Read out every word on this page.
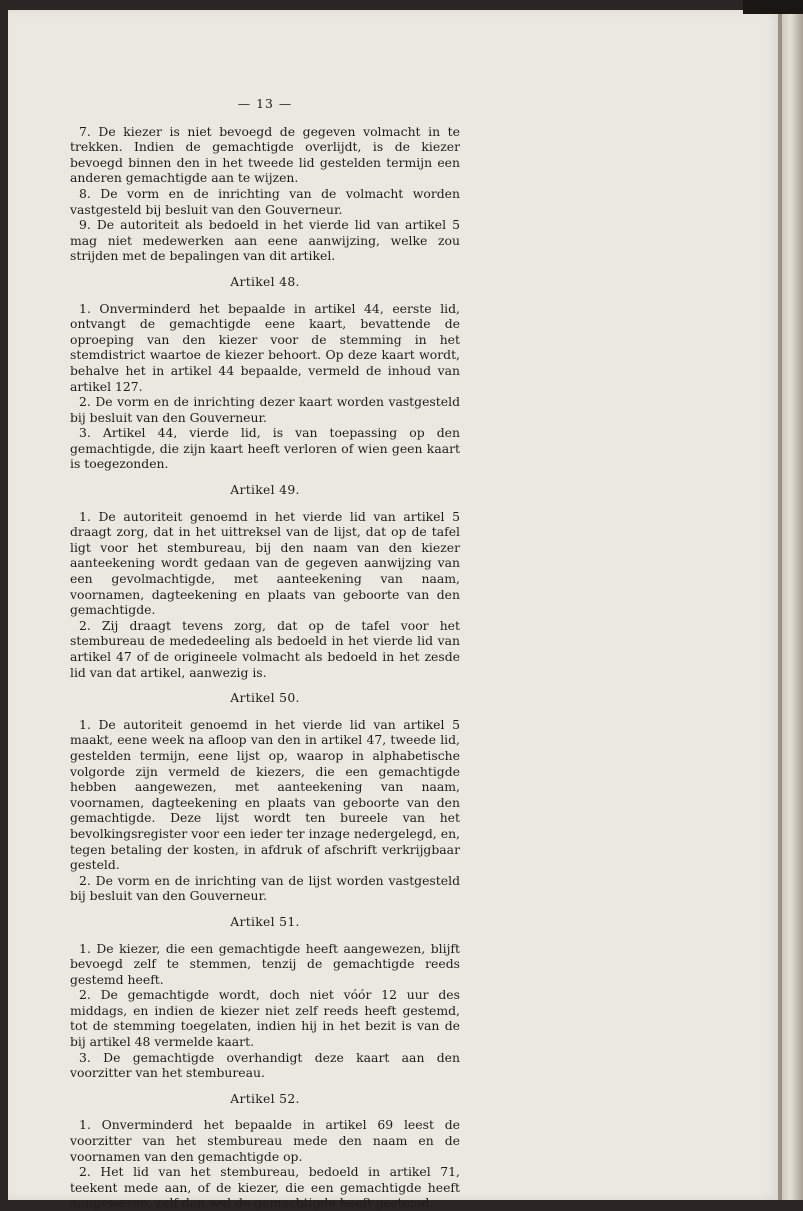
— 13 —

7. De kiezer is niet bevoegd de gegeven volmacht in te trekken. Indien de gemachtigde overlijdt, is de kiezer bevoegd binnen den in het tweede lid gestelden termijn een anderen gemachtigde aan te wijzen.

8. De vorm en de inrichting van de volmacht worden vastgesteld bij besluit van den Gouverneur.

9. De autoriteit als bedoeld in het vierde lid van artikel 5 mag niet medewerken aan eene aanwijzing, welke zou strijden met de bepalingen van dit artikel.

Artikel 48.

1. Onverminderd het bepaalde in artikel 44, eerste lid, ontvangt de gemachtigde eene kaart, bevattende de oproeping van den kiezer voor de stemming in het stemdistrict waartoe de kiezer behoort. Op deze kaart wordt, behalve het in artikel 44 bepaalde, vermeld de inhoud van artikel 127.

2. De vorm en de inrichting dezer kaart worden vastgesteld bij besluit van den Gouverneur.

3. Artikel 44, vierde lid, is van toepassing op den gemachtigde, die zijn kaart heeft verloren of wien geen kaart is toegezonden.

Artikel 49.

1. De autoriteit genoemd in het vierde lid van artikel 5 draagt zorg, dat in het uittreksel van de lijst, dat op de tafel ligt voor het stembureau, bij den naam van den kiezer aanteekening wordt gedaan van de gegeven aanwijzing van een gevolmachtigde, met aanteekening van naam, voornamen, dagteekening en plaats van geboorte van den gemachtigde.

2. Zij draagt tevens zorg, dat op de tafel voor het stembureau de mededeeling als bedoeld in het vierde lid van artikel 47 of de origineele volmacht als bedoeld in het zesde lid van dat artikel, aanwezig is.

Artikel 50.

1. De autoriteit genoemd in het vierde lid van artikel 5 maakt, eene week na afloop van den in artikel 47, tweede lid, gestelden termijn, eene lijst op, waarop in alphabetische volgorde zijn vermeld de kiezers, die een gemachtigde hebben aangewezen, met aanteekening van naam, voornamen, dagteekening en plaats van geboorte van den gemachtigde. Deze lijst wordt ten bureele van het bevolkingsregister voor een ieder ter inzage nedergelegd, en, tegen betaling der kosten, in afdruk of afschrift verkrijgbaar gesteld.

2. De vorm en de inrichting van de lijst worden vastgesteld bij besluit van den Gouverneur.

Artikel 51.

1. De kiezer, die een gemachtigde heeft aangewezen, blijft bevoegd zelf te stemmen, tenzij de gemachtigde reeds gestemd heeft.

2. De gemachtigde wordt, doch niet vóór 12 uur des middags, en indien de kiezer niet zelf reeds heeft gestemd, tot de stemming toegelaten, indien hij in het bezit is van de bij artikel 48 vermelde kaart.

3. De gemachtigde overhandigt deze kaart aan den voorzitter van het stembureau.

Artikel 52.

1. Onverminderd het bepaalde in artikel 69 leest de voorzitter van het stembureau mede den naam en de voornamen van den gemachtigde op.

2. Het lid van het stembureau, bedoeld in artikel 71, teekent mede aan, of de kiezer, die een gemachtigde heeft aangewezen, zelf dan wel de gemachtigde heeft gestemd.
